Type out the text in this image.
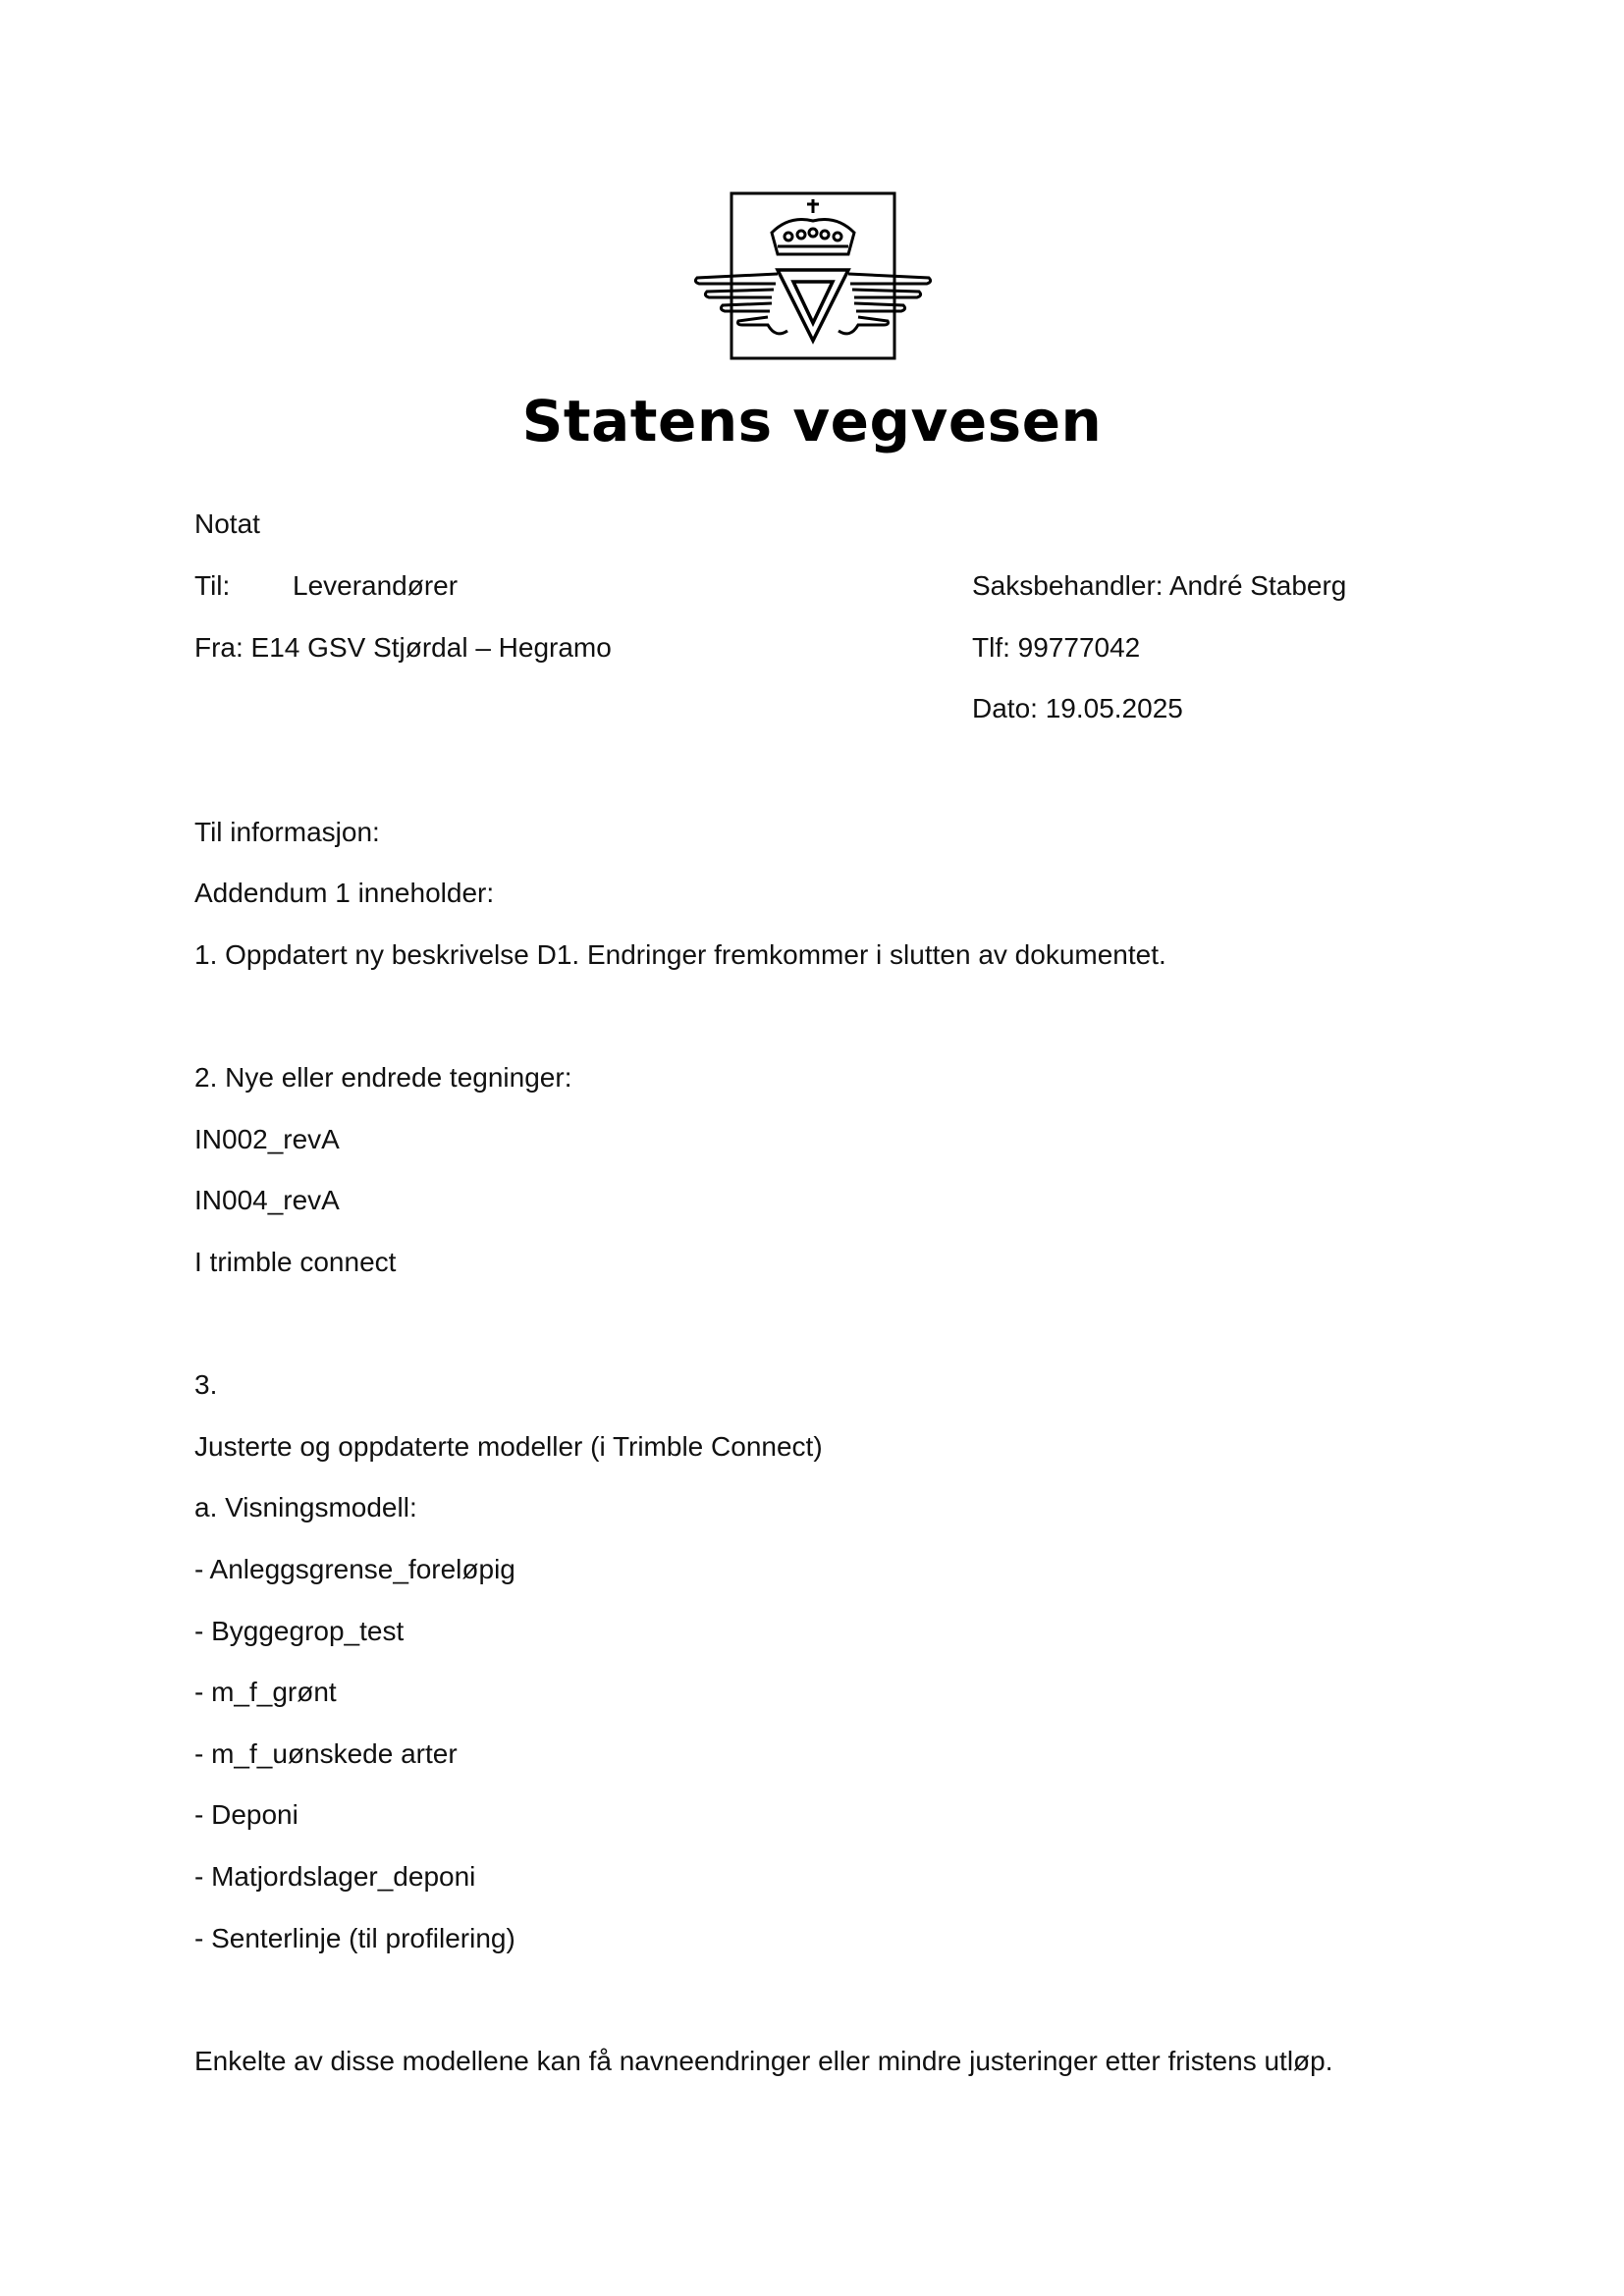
Statens vegvesen
Notat
Til: Leverandører	Saksbehandler: André Staberg
Fra: E14 GSV Stjørdal – Hegramo	Tlf: 99777042
Dato: 19.05.2025
Til informasjon:
Addendum 1 inneholder:
1. Oppdatert ny beskrivelse D1. Endringer fremkommer i slutten av dokumentet.
2. Nye eller endrede tegninger:
IN002_revA
IN004_revA
I trimble connect
3.
Justerte og oppdaterte modeller (i Trimble Connect)
a. Visningsmodell:
- Anleggsgrense_foreløpig
- Byggegrop_test
- m_f_grønt
- m_f_uønskede arter
- Deponi
- Matjordslager_deponi
- Senterlinje (til profilering)
Enkelte av disse modellene kan få navneendringer eller mindre justeringer etter fristens utløp.
